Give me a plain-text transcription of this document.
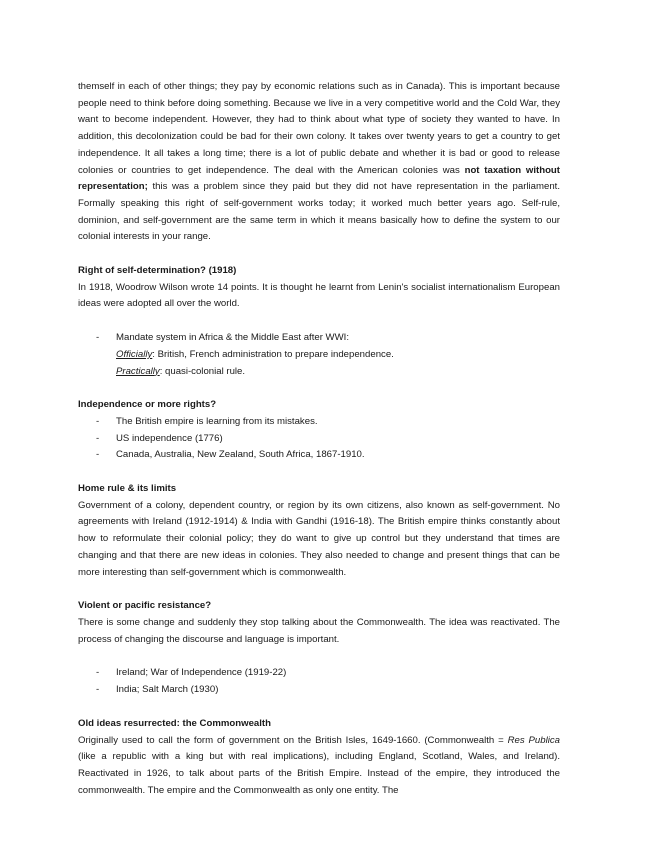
themself in each of other things; they pay by economic relations such as in Canada). This is important because people need to think before doing something. Because we live in a very competitive world and the Cold War, they want to become independent. However, they had to think about what type of society they wanted to have. In addition, this decolonization could be bad for their own colony. It takes over twenty years to get a country to get independence. It all takes a long time; there is a lot of public debate and whether it is bad or good to release colonies or countries to get independence. The deal with the American colonies was not taxation without representation; this was a problem since they paid but they did not have representation in the parliament. Formally speaking this right of self-government works today; it worked much better years ago. Self-rule, dominion, and self-government are the same term in which it means basically how to define the system to our colonial interests in your range.

Right of self-determination? (1918)

In 1918, Woodrow Wilson wrote 14 points. It is thought he learnt from Lenin's socialist internationalism European ideas were adopted all over the world.

- Mandate system in Africa & the Middle East after WWI:
Officially: British, French administration to prepare independence.
Practically: quasi-colonial rule.
Independence or more rights?
- The British empire is learning from its mistakes.
- US independence (1776)
- Canada, Australia, New Zealand, South Africa, 1867-1910.
Home rule & its limits

Government of a colony, dependent country, or region by its own citizens, also known as self-government. No agreements with Ireland (1912-1914) & India with Gandhi (1916-18). The British empire thinks constantly about how to reformulate their colonial policy; they do want to give up control but they understand that times are changing and that there are new ideas in colonies. They also needed to change and present things that can be more interesting than self-government which is commonwealth.

Violent or pacific resistance?

There is some change and suddenly they stop talking about the Commonwealth. The idea was reactivated. The process of changing the discourse and language is important.

- Ireland; War of Independence (1919-22)
- India; Salt March (1930)
Old ideas resurrected: the Commonwealth

Originally used to call the form of government on the British Isles, 1649-1660. (Commonwealth = Res Publica (like a republic with a king but with real implications), including England, Scotland, Wales, and Ireland). Reactivated in 1926, to talk about parts of the British Empire. Instead of the empire, they introduced the commonwealth. The empire and the Commonwealth as only one entity. The
